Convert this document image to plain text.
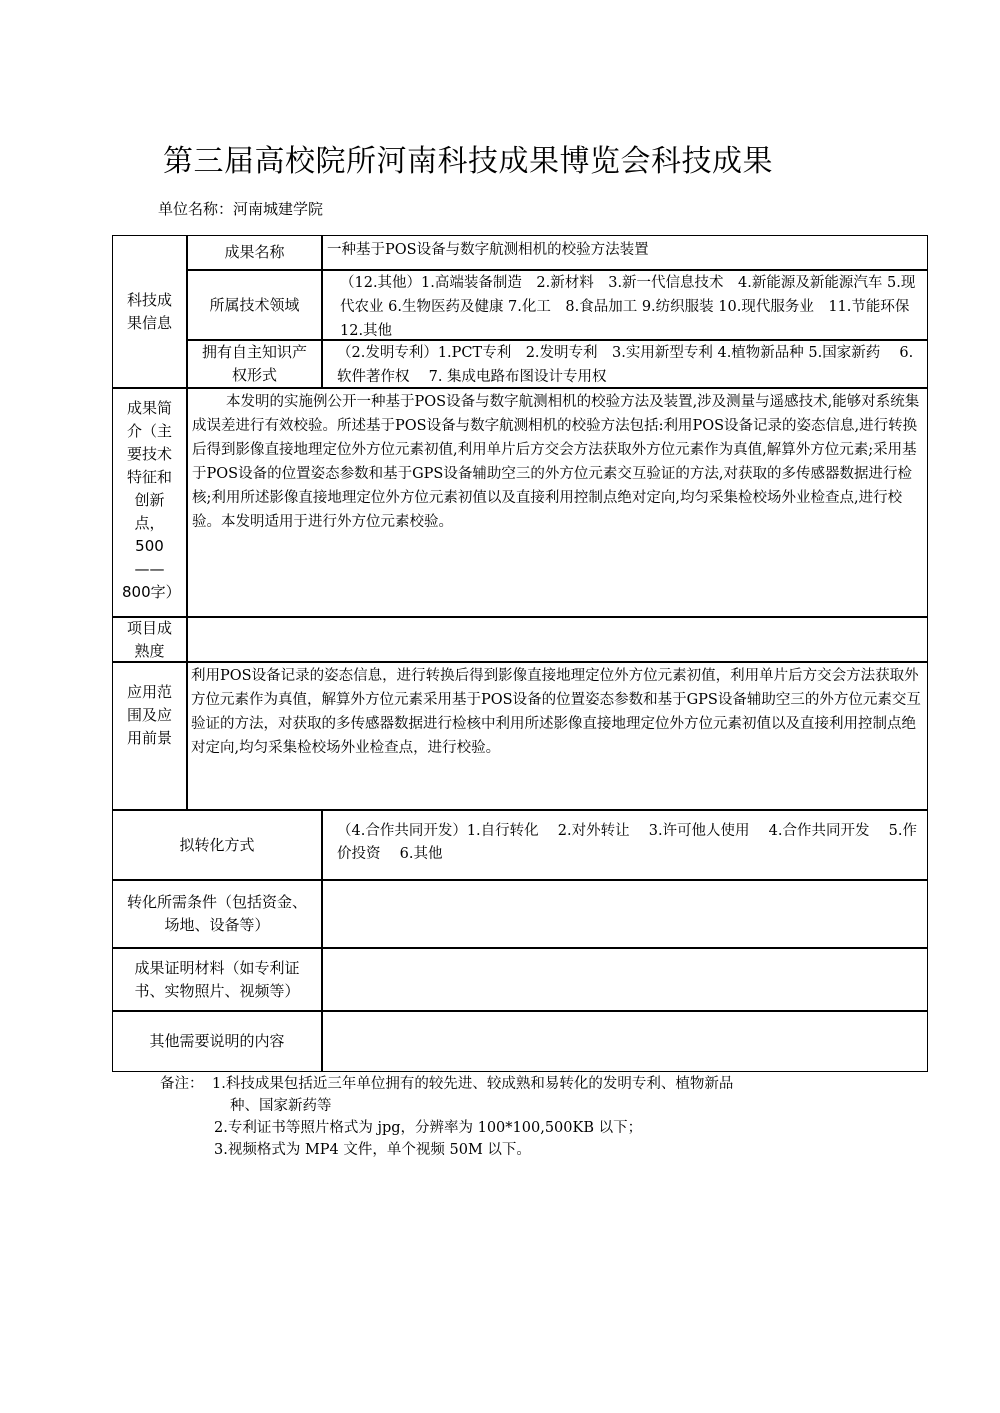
第三届高校院所河南科技成果博览会科技成果
单位名称：河南城建学院
科技成果信息
成果名称	一种基于POS设备与数字航测相机的校验方法装置
所属技术领域
（12.其他）1.高端装备制造　2.新材料　3.新一代信息技术　4.新能源及新能源汽车 5.现代农业 6.生物医药及健康 7.化工　8.食品加工 9.纺织服装 10.现代服务业　11.节能环保　12.其他
拥有自主知识产权形式
（2.发明专利）1.PCT专利　2.发明专利　3.实用新型专利 4.植物新品种 5.国家新药　 6.软件著作权　 7. 集成电路布图设计专用权
成果简介（主要技术特征和创新点，500——800字）
本发明的实施例公开一种基于POS设备与数字航测相机的校验方法及装置,涉及测量与遥感技术,能够对系统集成误差进行有效校验。所述基于POS设备与数字航测相机的校验方法包括:利用POS设备记录的姿态信息,进行转换后得到影像直接地理定位外方位元素初值,利用单片后方交会方法获取外方位元素作为真值,解算外方位元素;采用基于POS设备的位置姿态参数和基于GPS设备辅助空三的外方位元素交互验证的方法,对获取的多传感器数据进行检核;利用所述影像直接地理定位外方位元素初值以及直接利用控制点绝对定向,均匀采集检校场外业检查点,进行校验。本发明适用于进行外方位元素校验。
项目成熟度
应用范围及应用前景
利用POS设备记录的姿态信息，进行转换后得到影像直接地理定位外方位元素初值，利用单片后方交会方法获取外方位元素作为真值，解算外方位元素采用基于POS设备的位置姿态参数和基于GPS设备辅助空三的外方位元素交互验证的方法，对获取的多传感器数据进行检核中利用所述影像直接地理定位外方位元素初值以及直接利用控制点绝对定向,均匀采集检校场外业检查点，进行校验。
拟转化方式
（4.合作共同开发）1.自行转化　 2.对外转让　 3.许可他人使用　 4.合作共同开发　 5.作价投资　 6.其他
转化所需条件（包括资金、场地、设备等）
成果证明材料（如专利证书、实物照片、视频等）
其他需要说明的内容
备注： 1.科技成果包括近三年单位拥有的较先进、较成熟和易转化的发明专利、植物新品
种、国家新药等
2.专利证书等照片格式为 jpg，分辨率为 100*100,500KB 以下；
3.视频格式为 MP4 文件，单个视频 50M 以下。
